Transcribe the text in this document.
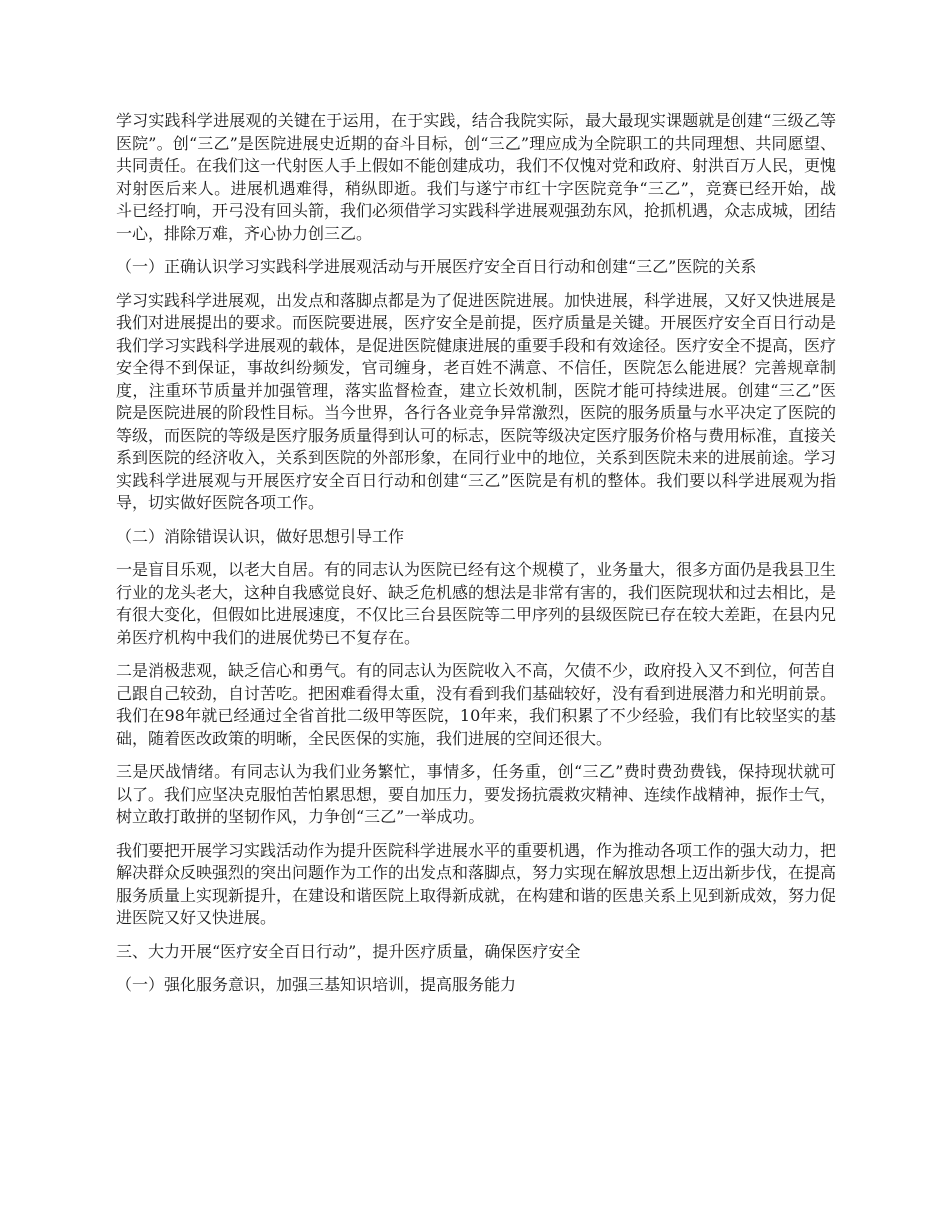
学习实践科学进展观的关键在于运用，在于实践，结合我院实际，最大最现实课题就是创建“三级乙等医院”。创“三乙”是医院进展史近期的奋斗目标，创“三乙”理应成为全院职工的共同理想、共同愿望、共同责任。在我们这一代射医人手上假如不能创建成功，我们不仅愧对党和政府、射洪百万人民，更愧对射医后来人。进展机遇难得，稍纵即逝。我们与遂宁市红十字医院竞争“三乙”，竞赛已经开始，战斗已经打响，开弓没有回头箭，我们必须借学习实践科学进展观强劲东风，抢抓机遇，众志成城，团结一心，排除万难，齐心协力创三乙。

（一）正确认识学习实践科学进展观活动与开展医疗安全百日行动和创建“三乙”医院的关系

学习实践科学进展观，出发点和落脚点都是为了促进医院进展。加快进展，科学进展，又好又快进展是我们对进展提出的要求。而医院要进展，医疗安全是前提，医疗质量是关键。开展医疗安全百日行动是我们学习实践科学进展观的载体，是促进医院健康进展的重要手段和有效途径。医疗安全不提高，医疗安全得不到保证，事故纠纷频发，官司缠身，老百姓不满意、不信任，医院怎么能进展？完善规章制度，注重环节质量并加强管理，落实监督检查，建立长效机制，医院才能可持续进展。创建“三乙”医院是医院进展的阶段性目标。当今世界，各行各业竞争异常激烈，医院的服务质量与水平决定了医院的等级，而医院的等级是医疗服务质量得到认可的标志，医院等级决定医疗服务价格与费用标准，直接关系到医院的经济收入，关系到医院的外部形象，在同行业中的地位，关系到医院未来的进展前途。学习实践科学进展观与开展医疗安全百日行动和创建“三乙”医院是有机的整体。我们要以科学进展观为指导，切实做好医院各项工作。

（二）消除错误认识，做好思想引导工作

一是盲目乐观，以老大自居。有的同志认为医院已经有这个规模了，业务量大，很多方面仍是我县卫生行业的龙头老大，这种自我感觉良好、缺乏危机感的想法是非常有害的，我们医院现状和过去相比，是有很大变化，但假如比进展速度，不仅比三台县医院等二甲序列的县级医院已存在较大差距，在县内兄弟医疗机构中我们的进展优势已不复存在。

二是消极悲观，缺乏信心和勇气。有的同志认为医院收入不高，欠债不少，政府投入又不到位，何苦自己跟自己较劲，自讨苦吃。把困难看得太重，没有看到我们基础较好，没有看到进展潜力和光明前景。我们在98年就已经通过全省首批二级甲等医院，10年来，我们积累了不少经验，我们有比较坚实的基础，随着医改政策的明晰，全民医保的实施，我们进展的空间还很大。

三是厌战情绪。有同志认为我们业务繁忙，事情多，任务重，创“三乙”费时费劲费钱，保持现状就可以了。我们应坚决克服怕苦怕累思想，要自加压力，要发扬抗震救灾精神、连续作战精神，振作士气，树立敢打敢拼的坚韧作风，力争创“三乙”一举成功。

我们要把开展学习实践活动作为提升医院科学进展水平的重要机遇，作为推动各项工作的强大动力，把解决群众反映强烈的突出问题作为工作的出发点和落脚点，努力实现在解放思想上迈出新步伐，在提高服务质量上实现新提升，在建设和谐医院上取得新成就，在构建和谐的医患关系上见到新成效，努力促进医院又好又快进展。

三、大力开展“医疗安全百日行动”，提升医疗质量，确保医疗安全

（一）强化服务意识，加强三基知识培训，提高服务能力
